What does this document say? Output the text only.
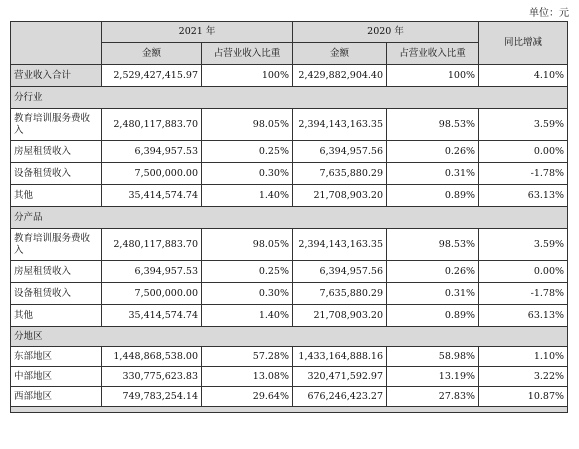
单位：元
	2021 年		2020 年		同比增减
	金额	占营业收入比重	金额	占营业收入比重	
营业收入合计	2,529,427,415.97	100%	2,429,882,904.40	100%	4.10%
分行业					
教育培训服务费收入	2,480,117,883.70	98.05%	2,394,143,163.35	98.53%	3.59%
房屋租赁收入	6,394,957.53	0.25%	6,394,957.56	0.26%	0.00%
设备租赁收入	7,500,000.00	0.30%	7,635,880.29	0.31%	-1.78%
其他	35,414,574.74	1.40%	21,708,903.20	0.89%	63.13%
分产品					
教育培训服务费收入	2,480,117,883.70	98.05%	2,394,143,163.35	98.53%	3.59%
房屋租赁收入	6,394,957.53	0.25%	6,394,957.56	0.26%	0.00%
设备租赁收入	7,500,000.00	0.30%	7,635,880.29	0.31%	-1.78%
其他	35,414,574.74	1.40%	21,708,903.20	0.89%	63.13%
分地区					
东部地区	1,448,868,538.00	57.28%	1,433,164,888.16	58.98%	1.10%
中部地区	330,775,623.83	13.08%	320,471,592.97	13.19%	3.22%
西部地区	749,783,254.14	29.64%	676,246,423.27	27.83%	10.87%
